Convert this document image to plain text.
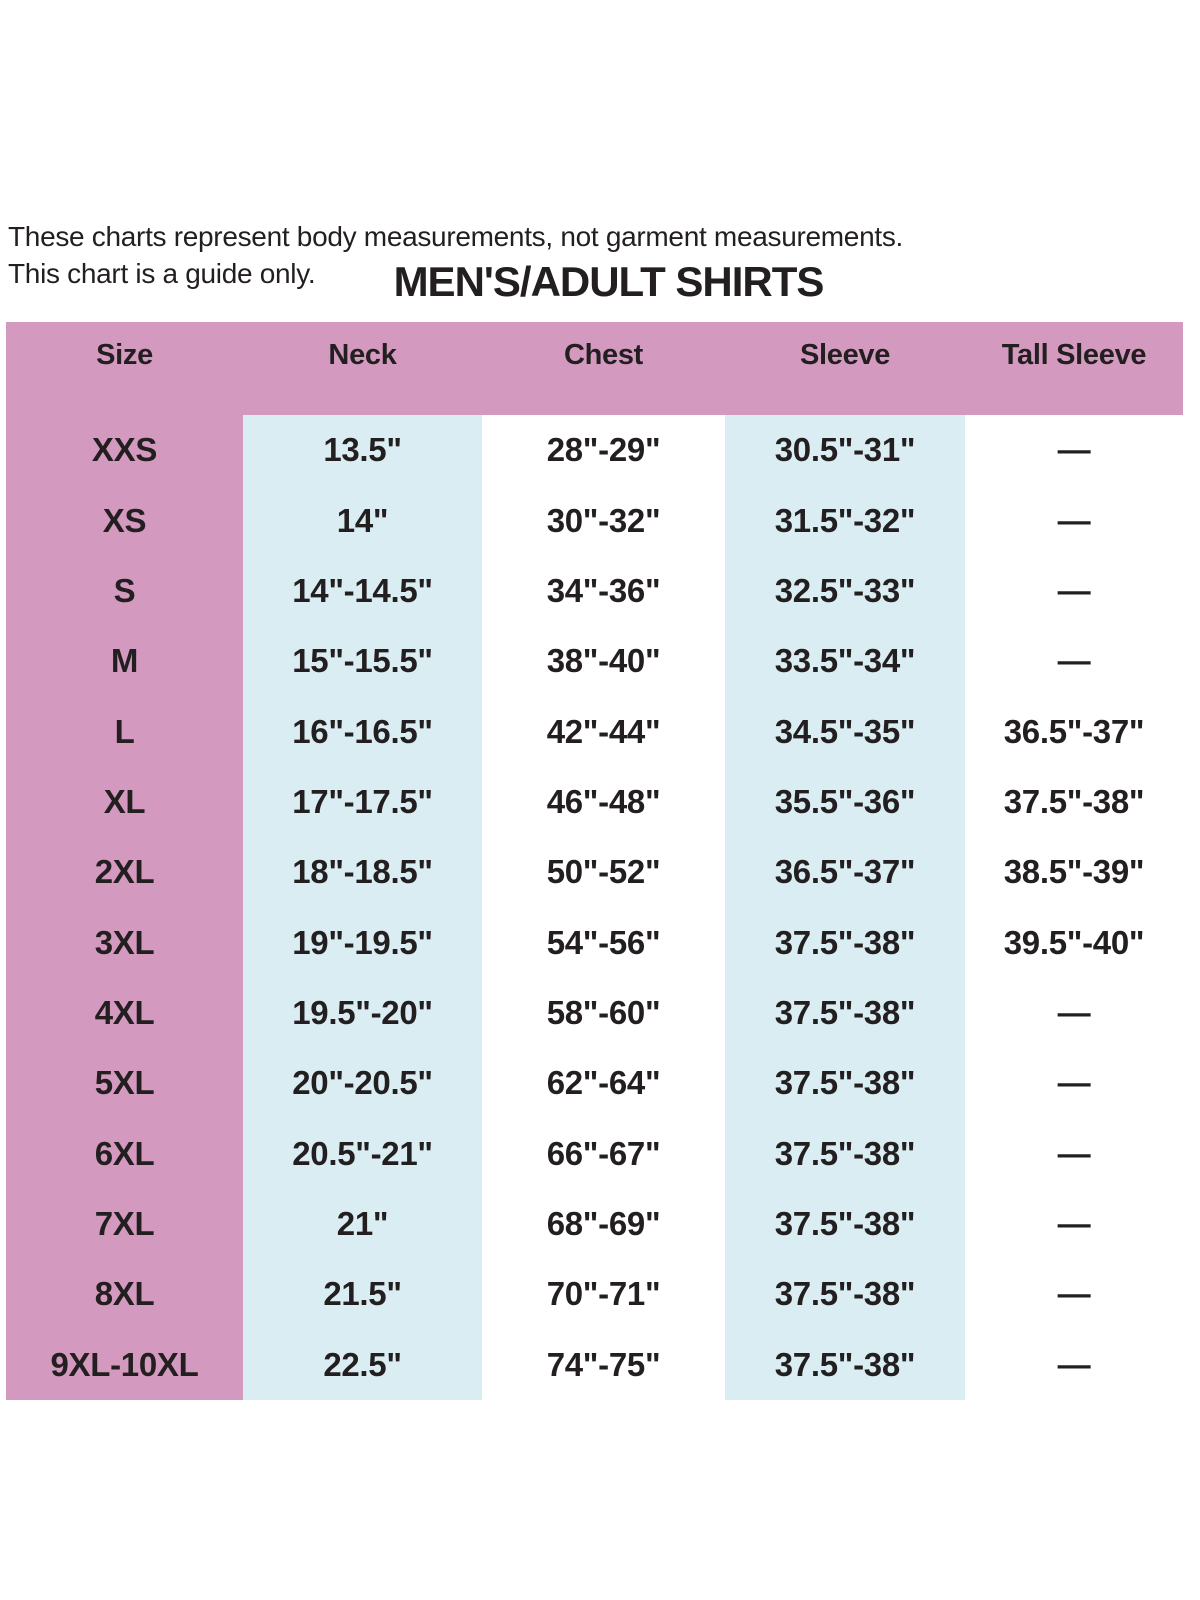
These charts represent body measurements, not garment measurements.
This chart is a guide only.	MEN'S/ADULT SHIRTS
Size	Neck	Chest	Sleeve	Tall Sleeve
XXS	13.5"	28"-29"	30.5"-31"	—
XS	14"	30"-32"	31.5"-32"	—
S	14"-14.5"	34"-36"	32.5"-33"	—
M	15"-15.5"	38"-40"	33.5"-34"	—
L	16"-16.5"	42"-44"	34.5"-35"	36.5"-37"
XL	17"-17.5"	46"-48"	35.5"-36"	37.5"-38"
2XL	18"-18.5"	50"-52"	36.5"-37"	38.5"-39"
3XL	19"-19.5"	54"-56"	37.5"-38"	39.5"-40"
4XL	19.5"-20"	58"-60"	37.5"-38"	—
5XL	20"-20.5"	62"-64"	37.5"-38"	—
6XL	20.5"-21"	66"-67"	37.5"-38"	—
7XL	21"	68"-69"	37.5"-38"	—
8XL	21.5"	70"-71"	37.5"-38"	—
9XL-10XL	22.5"	74"-75"	37.5"-38"	—
